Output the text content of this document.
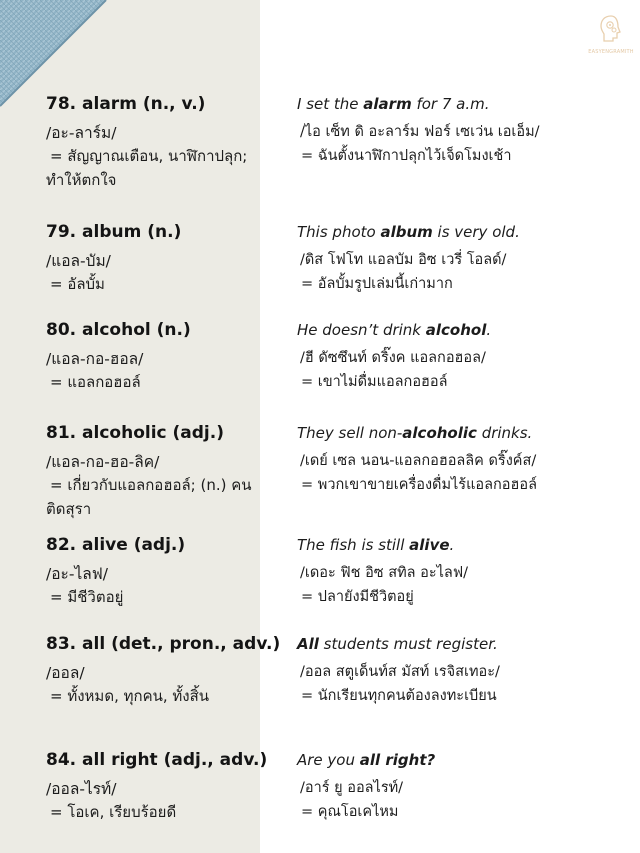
EASYENGRAMITH
78. alarm (n., v.)
/อะ-ลาร์ม/
= สัญญาณเตือน, นาฬิกาปลุก; ทำให้ตกใจ
I set the alarm for 7 a.m.
/ไอ เซ็ท ดิ อะลาร์ม ฟอร์ เซเว่น เอเอ็ม/
= ฉันตั้งนาฬิกาปลุกไว้เจ็ดโมงเช้า
79. album (n.)
/แอล-บัม/
= อัลบั้ม
This photo album is very old.
/ดิส โฟโท แอลบัม อิซ เวรี่ โอลด์/
= อัลบั้มรูปเล่มนี้เก่ามาก
80. alcohol (n.)
/แอล-กอ-ฮอล/
= แอลกอฮอล์
He doesn’t drink alcohol.
/ฮี ดัซซึนท์ ดริ๊งค แอลกอฮอล/
= เขาไม่ดื่มแอลกอฮอล์
81. alcoholic (adj.)
/แอล-กอ-ฮอ-ลิค/
= เกี่ยวกับแอลกอฮอล์; (n.) คนติดสุรา
They sell non-alcoholic drinks.
/เดย์ เซล นอน-แอลกอฮอลลิค ดริ๊งค์ส/
= พวกเขาขายเครื่องดื่มไร้แอลกอฮอล์
82. alive (adj.)
/อะ-ไลฟ/
= มีชีวิตอยู่
The fish is still alive.
/เดอะ ฟิช อิซ สทิล อะไลฟ/
= ปลายังมีชีวิตอยู่
83. all (det., pron., adv.)
/ออล/
= ทั้งหมด, ทุกคน, ทั้งสิ้น
All students must register.
/ออล สตูเด็นท์ส มัสท์ เรจิสเทอะ/
= นักเรียนทุกคนต้องลงทะเบียน
84. all right (adj., adv.)
/ออล-ไรท์/
= โอเค, เรียบร้อยดี
Are you all right?
/อาร์ ยู ออลไรท์/
= คุณโอเคไหม
